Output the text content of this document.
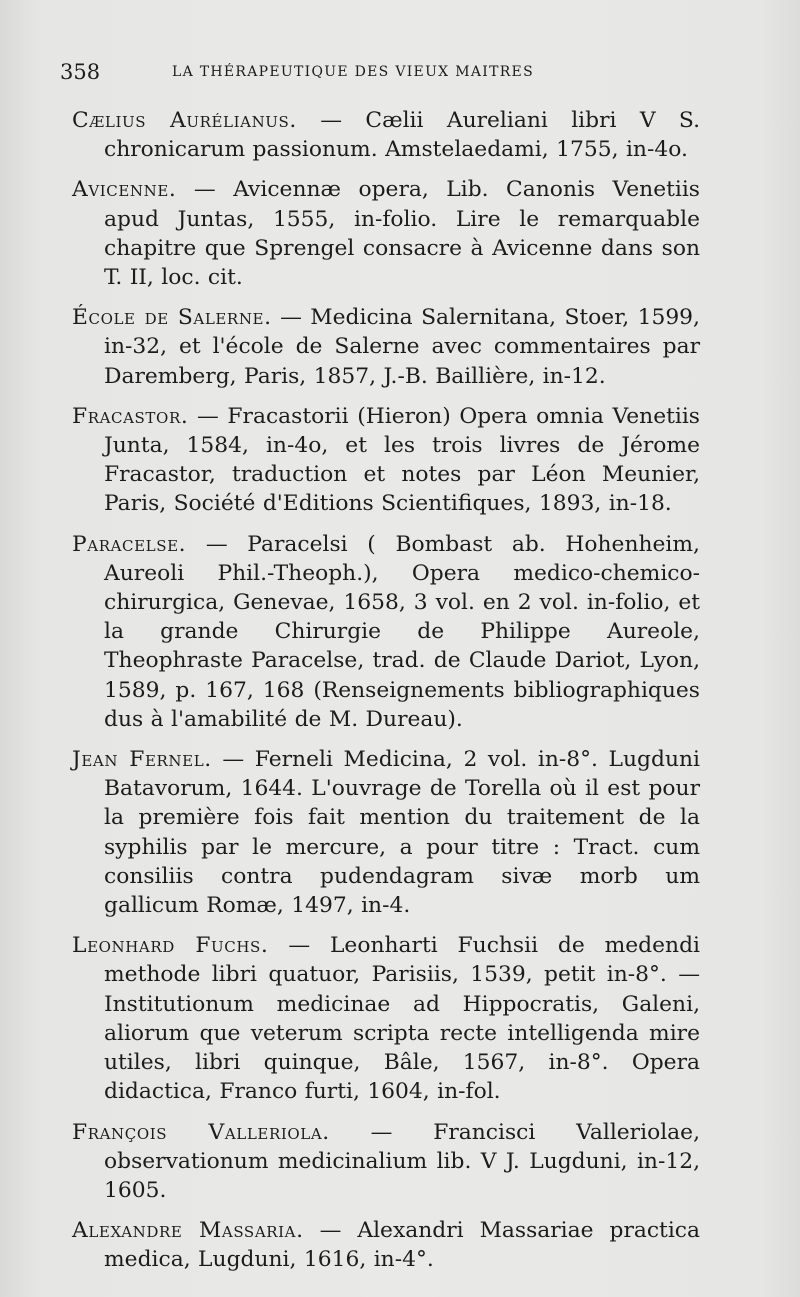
358	LA THÉRAPEUTIQUE DES VIEUX MAITRES

Cælius Aurélianus. — Cælii Aureliani libri V S. chronicarum passionum. Amstelaedami, 1755, in-4o.

Avicenne. — Avicennæ opera, Lib. Canonis Venetiis apud Juntas, 1555, in-folio. Lire le remarquable chapitre que Sprengel consacre à Avicenne dans son T. II, loc. cit.

École de Salerne. — Medicina Salernitana, Stoer, 1599, in-32, et l'école de Salerne avec commentaires par Daremberg, Paris, 1857, J.-B. Baillière, in-12.

Fracastor. — Fracastorii (Hieron) Opera omnia Venetiis Junta, 1584, in-4o, et les trois livres de Jérome Fracastor, traduction et notes par Léon Meunier, Paris, Société d'Editions Scientifiques, 1893, in-18.

Paracelse. — Paracelsi ( Bombast ab. Hohenheim, Aureoli Phil.-Theoph.), Opera medico-chemico-chirurgica, Genevae, 1658, 3 vol. en 2 vol. in-folio, et la grande Chirurgie de Philippe Aureole, Theophraste Paracelse, trad. de Claude Dariot, Lyon, 1589, p. 167, 168 (Renseignements bibliographiques dus à l'amabilité de M. Dureau).

Jean Fernel. — Ferneli Medicina, 2 vol. in-8°. Lugduni Batavorum, 1644. L'ouvrage de Torella où il est pour la première fois fait mention du traitement de la syphilis par le mercure, a pour titre : Tract. cum consiliis contra pudendagram sivæ morb um gallicum Romæ, 1497, in-4.

Leonhard Fuchs. — Leonharti Fuchsii de medendi methode libri quatuor, Parisiis, 1539, petit in-8°. — Institutionum medicinae ad Hippocratis, Galeni, aliorum que veterum scripta recte intelligenda mire utiles, libri quinque, Bâle, 1567, in-8°. Opera didactica, Franco furti, 1604, in-fol.

François Valleriola. — Francisci Valleriolae, observationum medicinalium lib. V J. Lugduni, in-12, 1605.

Alexandre Massaria. — Alexandri Massariae practica medica, Lugduni, 1616, in-4°.
